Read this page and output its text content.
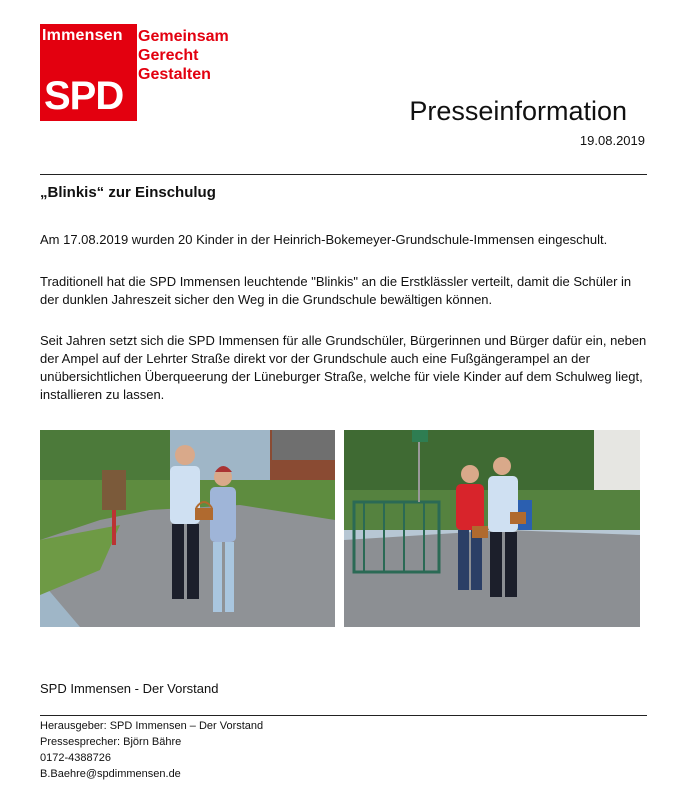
Immensen
SPD
Gemeinsam
Gerecht
Gestalten
Presseinformation
19.08.2019
„Blinkis“ zur Einschulug

Am 17.08.2019 wurden 20 Kinder in der Heinrich-Bokemeyer-Grundschule-Immensen eingeschult.

Traditionell hat die SPD Immensen leuchtende "Blinkis" an die Erstklässler verteilt, damit die Schüler in der dunklen Jahreszeit sicher den Weg in die Grundschule bewältigen können.

Seit Jahren setzt sich die SPD Immensen für alle Grundschüler, Bürgerinnen und Bürger dafür ein, neben der Ampel auf der Lehrter Straße direkt vor der Grundschule auch eine Fußgängerampel an der unübersichtlichen Überqueerung der Lüneburger Straße, welche für viele Kinder auf dem Schulweg liegt, installieren zu lassen.

SPD Immensen - Der Vorstand
Herausgeber: SPD Immensen – Der Vorstand
Pressesprecher: Björn Bähre
0172-4388726
B.Baehre@spdimmensen.de
